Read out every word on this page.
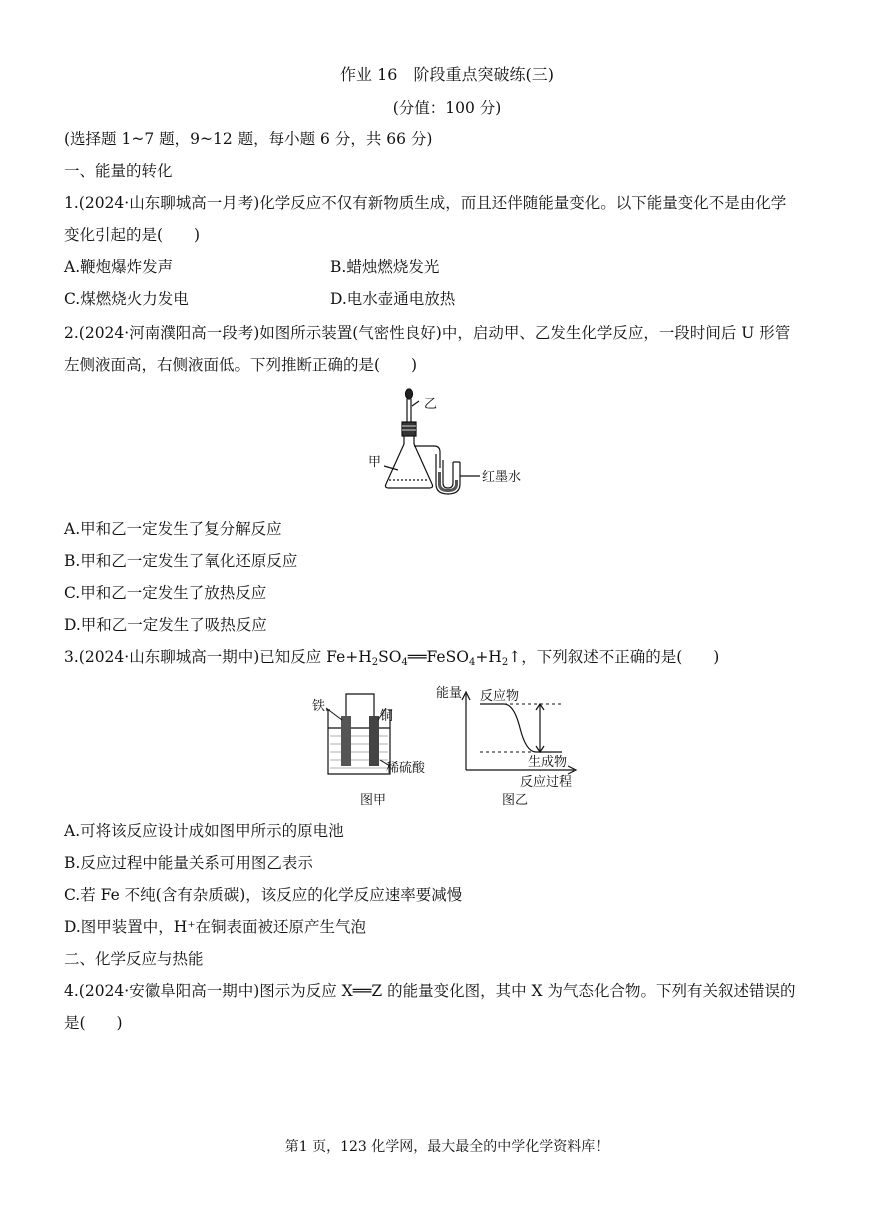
作业 16　阶段重点突破练(三)
(分值：100 分)
(选择题 1~7 题，9~12 题，每小题 6 分，共 66 分)
一、能量的转化
1.(2024·山东聊城高一月考)化学反应不仅有新物质生成，而且还伴随能量变化。以下能量变化不是由化学
变化引起的是(　　)
A.鞭炮爆炸发声	B.蜡烛燃烧发光
C.煤燃烧火力发电	D.电水壶通电放热
2.(2024·河南濮阳高一段考)如图所示装置(气密性良好)中，启动甲、乙发生化学反应，一段时间后 U 形管
左侧液面高，右侧液面低。下列推断正确的是(　　)
乙
甲
红墨水
A.甲和乙一定发生了复分解反应
B.甲和乙一定发生了氧化还原反应
C.甲和乙一定发生了放热反应
D.甲和乙一定发生了吸热反应
3.(2024·山东聊城高一期中)已知反应 $Fe+H_2SO_4══FeSO_4+H_2↑$，下列叙述不正确的是(　　)
铁
铜
稀硫酸
图甲
能量 反应物
生成物
反应过程
图乙
A.可将该反应设计成如图甲所示的原电池
B.反应过程中能量关系可用图乙表示
C.若 Fe 不纯(含有杂质碳)，该反应的化学反应速率要减慢
D.图甲装置中，H⁺在铜表面被还原产生气泡
二、化学反应与热能
4.(2024·安徽阜阳高一期中)图示为反应 X══Z 的能量变化图，其中 X 为气态化合物。下列有关叙述错误的
是(　　)
第1 页，123 化学网，最大最全的中学化学资料库！
